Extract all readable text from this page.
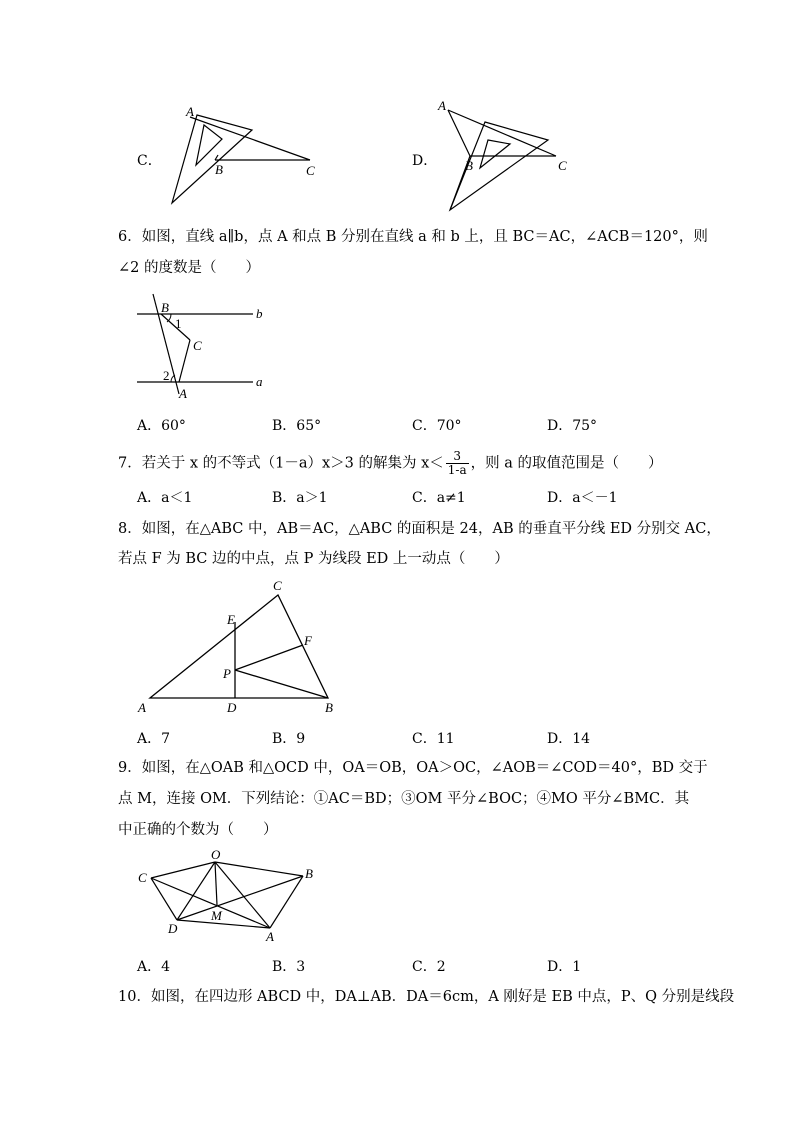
C．
A
B	C
D．
A
B	C
6．如图，直线 a∥b，点 A 和点 B 分别在直线 a 和 b 上，且 BC＝AC，∠ACB＝120°，则
∠2 的度数是（　　）
B
1
C
2
A
a
b
A．60°	B．65°	C．70°	D．75°
7．若关于 x 的不等式（1－a）x＞3 的解集为 $x< \frac{3}{1-a}$ ，则 a 的取值范围是（　　）
A．a＜1	B．a＞1	C．a≠1	D．a＜－1
8．如图，在△ABC 中，AB＝AC，△ABC 的面积是 24，AB 的垂直平分线 ED 分别交 AC，
若点 F 为 BC 边的中点，点 P 为线段 ED 上一动点（　　）
A	B
C
D
E
F
P
A．7	B．9	C．11	D．14
9．如图，在△OAB 和△OCD 中，OA＝OB，OA＞OC，∠AOB＝∠COD＝40°，BD 交于
点 M，连接 OM．下列结论：①AC＝BD；③OM 平分∠BOC；④MO 平分∠BMC．其
中正确的个数为（　　）
O
C	B
D
M
A
A．4	B．3	C．2	D．1
10．如图，在四边形 ABCD 中，DA⊥AB．DA＝6cm，A 刚好是 EB 中点，P、Q 分别是线段
